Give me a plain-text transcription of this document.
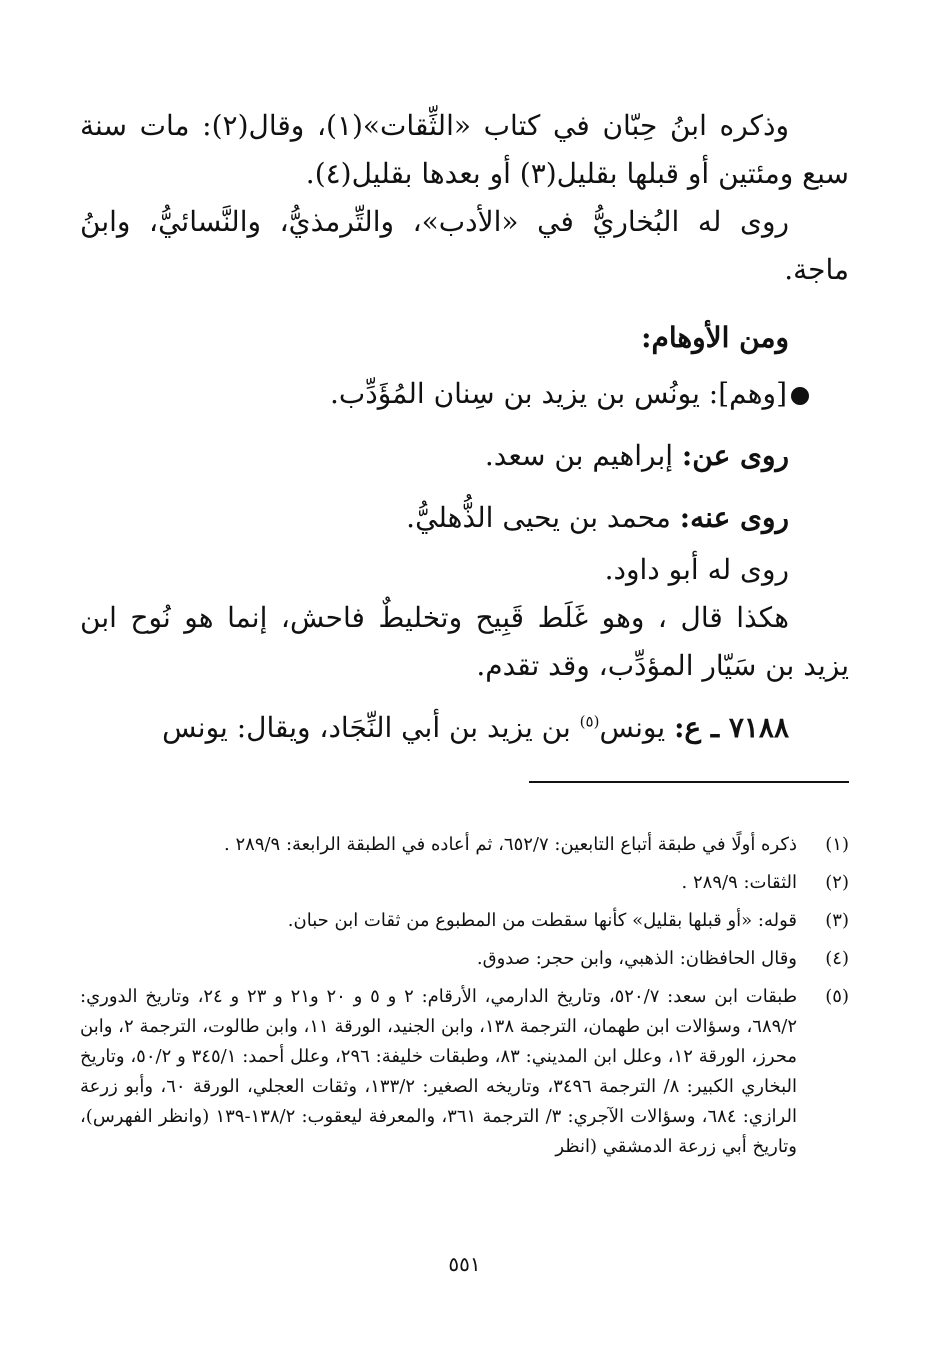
وذكره ابنُ حِبّان في كتاب «الثِّقات»(١)، وقال(٢): مات سنة سبع ومئتين أو قبلها بقليل(٣) أو بعدها بقليل(٤).

روى له البُخاريُّ في «الأدب»، والتِّرمذيُّ، والنَّسائيُّ، وابنُ ماجة.

ومن الأوهام:

[وهم]: يونُس بن يزيد بن سِنان المُؤَدِّب.

روى عن: إبراهيم بن سعد.

روى عنه: محمد بن يحيى الذُّهليُّ.

روى له أبو داود.

هكذا قال ، وهو غَلَط قَبِيح وتخليطٌ فاحش، إنما هو نُوح ابن يزيد بن سَيّار المؤدِّب، وقد تقدم.

٧١٨٨ ـ ع: يونس$^{(٥)}$ بن يزيد بن أبي النِّجَاد، ويقال: يونس

(١)
ذكره أولًا في طبقة أتباع التابعين: ٦٥٢/٧، ثم أعاده في الطبقة الرابعة: ٢٨٩/٩ .
(٢)
الثقات: ٢٨٩/٩ .
(٣)
قوله: «أو قبلها بقليل» كأنها سقطت من المطبوع من ثقات ابن حبان.
(٤)
وقال الحافظان: الذهبي، وابن حجر: صدوق.
(٥)
طبقات ابن سعد: ٥٢٠/٧، وتاريخ الدارمي، الأرقام: ٢ و ٥ و ٢٠ و٢١ و ٢٣ و ٢٤، وتاريخ الدوري: ٦٨٩/٢، وسؤالات ابن طهمان، الترجمة ١٣٨، وابن الجنيد، الورقة ١١، وابن طالوت، الترجمة ٢، وابن محرز، الورقة ١٢، وعلل ابن المديني: ٨٣، وطبقات خليفة: ٢٩٦، وعلل أحمد: ٣٤٥/١ و ٥٠/٢، وتاريخ البخاري الكبير: ٨/ الترجمة ٣٤٩٦، وتاريخه الصغير: ١٣٣/٢، وثقات العجلي، الورقة ٦٠، وأبو زرعة الرازي: ٦٨٤، وسؤالات الآجري: ٣/ الترجمة ٣٦١، والمعرفة ليعقوب: ١٣٨/٢-١٣٩ (وانظر الفهرس)، وتاريخ أبي زرعة الدمشقي (انظر
٥٥١
